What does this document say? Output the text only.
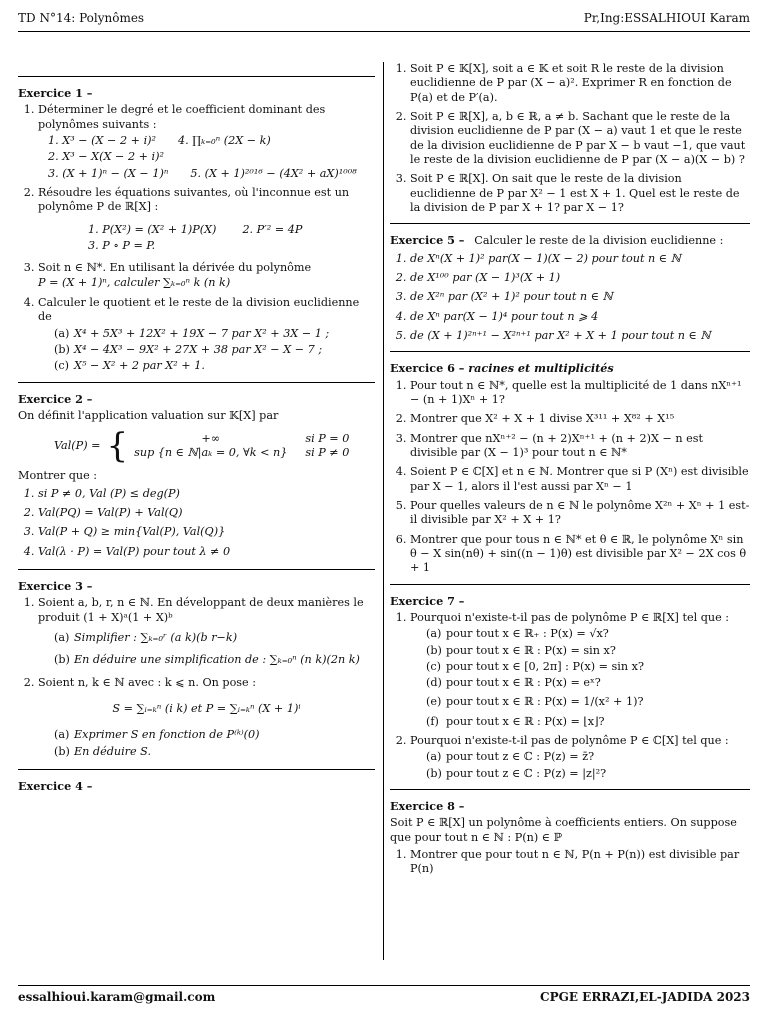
TD N°14: Polynômes	Pr,Ing:ESSALHIOUI Karam
Exercice 1 –
1. Déterminer le degré et le coefficient dominant des polynômes suivants :
1. X³ − (X − 2 + i)² 4. ∏ₖ₌₀ⁿ (2X − k)
2. X³ − X(X − 2 + i)²
3. (X + 1)ⁿ − (X − 1)ⁿ 5. (X + 1)²⁰¹⁶ − (4X² + aX)¹⁰⁰⁸
2. Résoudre les équations suivantes, où l'inconnue est un polynôme P de ℝ[X] :
1. P(X²) = (X² + 1)P(X) 2. P′² = 4P
3. P ∘ P = P.
3. Soit n ∈ ℕ*. En utilisant la dérivée du polynôme
P = (X + 1)ⁿ, calculer ∑ₖ₌₀ⁿ k (n k)
4. Calculer le quotient et le reste de la division euclidienne de
(a) X⁴ + 5X³ + 12X² + 19X − 7 par X² + 3X − 1 ;
(b) X⁴ − 4X³ − 9X² + 27X + 38 par X² − X − 7 ;
(c) X⁵ − X² + 2 par X² + 1.
Exercice 2 –

On définit l'application valuation sur 𝕂[X] par

Val(P) = {	+∞	si P = 0
sup {n ∈ ℕ|aₖ = 0, ∀k < n} si P ≠ 0

Montrer que :

1. si P ≠ 0, Val (P) ≤ deg(P)
2. Val(PQ) = Val(P) + Val(Q)
3. Val(P + Q) ≥ min{Val(P), Val(Q)}
4. Val(λ · P) = Val(P) pour tout λ ≠ 0
Exercice 3 –
1. Soient a, b, r, n ∈ ℕ. En développant de deux manières le produit (1 + X)ᵃ(1 + X)ᵇ
(a) Simplifier : ∑ₖ₌₀ʳ (a k)(b r−k)
(b) En déduire une simplification de : ∑ₖ₌₀ⁿ (n k)(2n k)
2. Soient n, k ∈ ℕ avec : k ⩽ n. On pose :
S = ∑ᵢ₌ₖⁿ (i k) et P = ∑ᵢ₌ₖⁿ (X + 1)ⁱ
(a) Exprimer S en fonction de P⁽ᵏ⁾(0)
(b) En déduire S.
Exercice 4 –
1. Soit P ∈ 𝕂[X], soit a ∈ 𝕂 et soit R le reste de la division euclidienne de P par (X − a)². Exprimer R en fonction de P(a) et de P′(a).
2. Soit P ∈ ℝ[X], a, b ∈ ℝ, a ≠ b. Sachant que le reste de la division euclidienne de P par (X − a) vaut 1 et que le reste de la division euclidienne de P par X − b vaut −1, que vaut le reste de la division euclidienne de P par (X − a)(X − b) ?
3. Soit P ∈ ℝ[X]. On sait que le reste de la division euclidienne de P par X² − 1 est X + 1. Quel est le reste de la division de P par X + 1? par X − 1?
Exercice 5 – Calculer le reste de la division euclidienne :
1. de Xⁿ(X + 1)² par(X − 1)(X − 2) pour tout n ∈ ℕ
2. de X¹⁰⁰ par (X − 1)³(X + 1)
3. de X²ⁿ par (X² + 1)² pour tout n ∈ ℕ
4. de Xⁿ par(X − 1)⁴ pour tout n ⩾ 4
5. de (X + 1)²ⁿ⁺¹ − X²ⁿ⁺¹ par X² + X + 1 pour tout n ∈ ℕ
Exercice 6 – racines et multiplicités
1. Pour tout n ∈ ℕ*, quelle est la multiplicité de 1 dans nXⁿ⁺¹ − (n + 1)Xⁿ + 1?
2. Montrer que X² + X + 1 divise X³¹¹ + X⁸² + X¹⁵
3. Montrer que nXⁿ⁺² − (n + 2)Xⁿ⁺¹ + (n + 2)X − n est divisible par (X − 1)³ pour tout n ∈ ℕ*
4. Soient P ∈ ℂ[X] et n ∈ ℕ. Montrer que si P (Xⁿ) est divisible par X − 1, alors il l'est aussi par Xⁿ − 1
5. Pour quelles valeurs de n ∈ ℕ le polynôme X²ⁿ + Xⁿ + 1 est-il divisible par X² + X + 1?
6. Montrer que pour tous n ∈ ℕ* et θ ∈ ℝ, le polynôme Xⁿ sin θ − X sin(nθ) + sin((n − 1)θ) est divisible par X² − 2X cos θ + 1
Exercice 7 –
1. Pourquoi n'existe-t-il pas de polynôme P ∈ ℝ[X] tel que :
(a) pour tout x ∈ ℝ₊ : P(x) = √x?
(b) pour tout x ∈ ℝ : P(x) = sin x?
(c) pour tout x ∈ [0, 2π] : P(x) = sin x?
(d) pour tout x ∈ ℝ : P(x) = eˣ?
(e) pour tout x ∈ ℝ : P(x) = 1/(x² + 1)?
(f) pour tout x ∈ ℝ : P(x) = ⌊x⌋?
2. Pourquoi n'existe-t-il pas de polynôme P ∈ ℂ[X] tel que :
(a) pour tout z ∈ ℂ : P(z) = z̄?
(b) pour tout z ∈ ℂ : P(z) = |z|²?
Exercice 8 –

Soit P ∈ ℝ[X] un polynôme à coefficients entiers. On suppose que pour tout n ∈ ℕ : P(n) ∈ ℙ

1. Montrer que pour tout n ∈ ℕ, P(n + P(n)) est divisible par P(n)
essalhioui.karam@gmail.com	CPGE ERRAZI,EL-JADIDA 2023
